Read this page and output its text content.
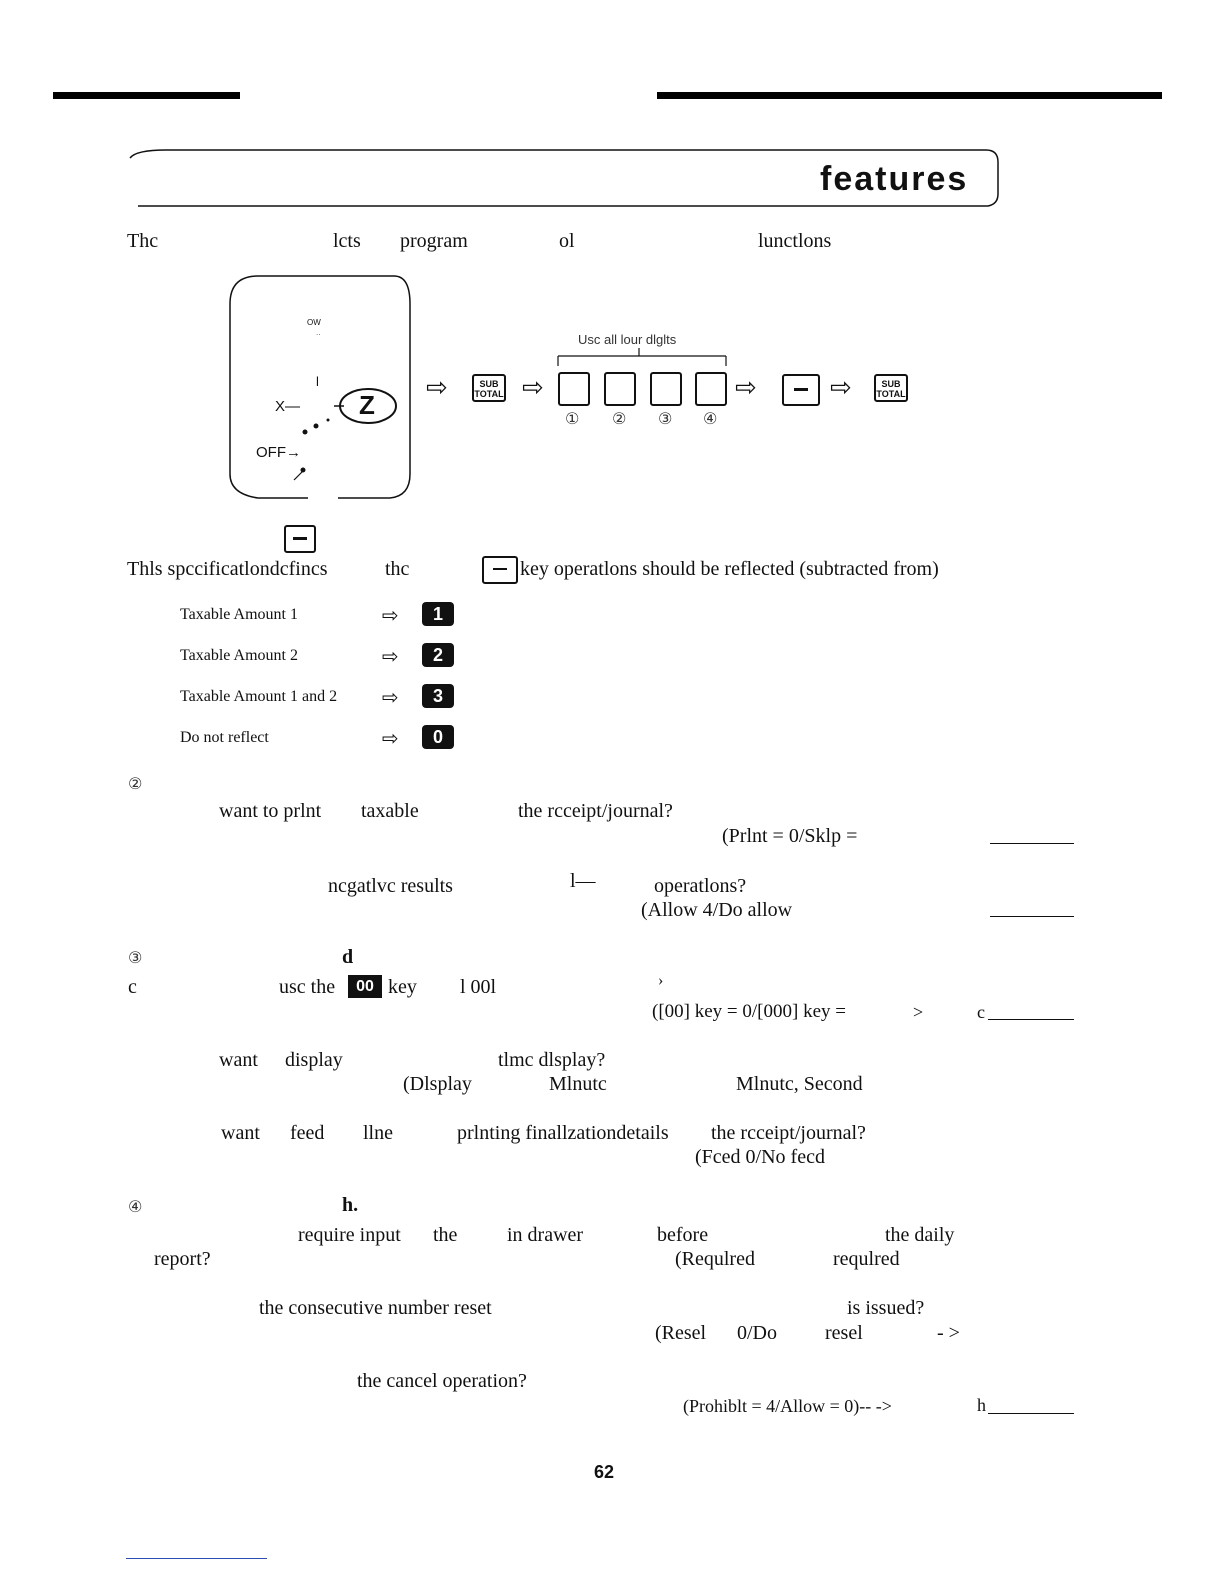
features
Thc	lcts program	ol	lunctlons
OW
..
l
X— Z
OFF→
Usc all lour dlglts
⇨	SUB
TOTAL ⇨
① ② ③ ④
⇨	⇨	SUB
TOTAL
Thls spccificatlondcfincs	thc	key operatlons should be reflected (subtracted from)
Taxable Amount 1	⇨	1
Taxable Amount 2	⇨	2
Taxable Amount 1 and 2 ⇨	3
Do not reflect	⇨	0
②
want to prlnt taxable	the rcceipt/journal?
(Prlnt = 0/Sklp =
ncgatlvc results	l—	operatlons?
(Allow 4/Do allow
③	d
c	usc the	00 key l 00l	›
([00] key = 0/[000] key =	>	c
want display	tlmc dlsplay?
(Dlsplay	Mlnutc	Mlnutc, Second
want feed llne	prlnting finallzationdetails the rcceipt/journal?
(Fced 0/No fecd
④	h.
require input the in drawer	before	the daily
report?	(Requlred	requlred
the consecutive number reset	is issued?
(Resel 0/Do resel	- >
the cancel operation?
(Prohiblt = 4/Allow = 0)-- ->	h
62
